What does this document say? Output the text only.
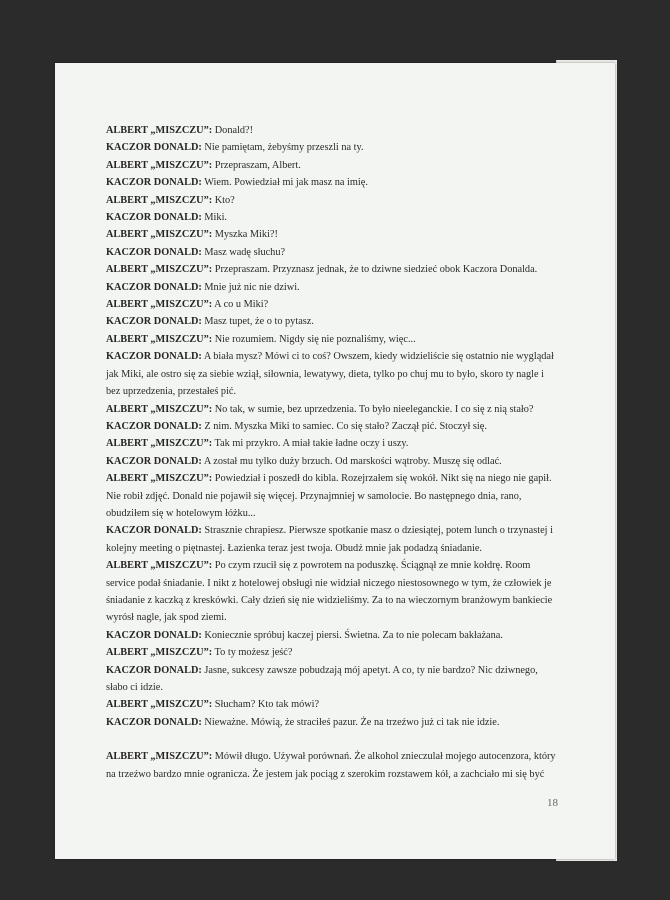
ALBERT „MISZCZU”: Donald?!

KACZOR DONALD: Nie pamiętam, żebyśmy przeszli na ty.

ALBERT „MISZCZU”: Przepraszam, Albert.

KACZOR DONALD: Wiem. Powiedział mi jak masz na imię.

ALBERT „MISZCZU”: Kto?

KACZOR DONALD: Miki.

ALBERT „MISZCZU”: Myszka Miki?!

KACZOR DONALD: Masz wadę słuchu?

ALBERT „MISZCZU”: Przepraszam. Przyznasz jednak, że to dziwne siedzieć obok Kaczora Donalda.

KACZOR DONALD: Mnie już nic nie dziwi.

ALBERT „MISZCZU”: A co u Miki?

KACZOR DONALD: Masz tupet, że o to pytasz.

ALBERT „MISZCZU”: Nie rozumiem. Nigdy się nie poznaliśmy, więc...

KACZOR DONALD: A biała mysz? Mówi ci to coś? Owszem, kiedy widzieliście się ostatnio nie wyglądał jak Miki, ale ostro się za siebie wziął, siłownia, lewatywy, dieta, tylko po chuj mu to było, skoro ty nagle i bez uprzedzenia, przestałeś pić.

ALBERT „MISZCZU”: No tak, w sumie, bez uprzedzenia. To było nieeleganckie. I co się z nią stało?

KACZOR DONALD: Z nim. Myszka Miki to samiec. Co się stało? Zaczął pić. Stoczył się.

ALBERT „MISZCZU”: Tak mi przykro. A miał takie ładne oczy i uszy.

KACZOR DONALD: A został mu tylko duży brzuch. Od marskości wątroby. Muszę się odlać.

ALBERT „MISZCZU”: Powiedział i poszedł do kibla. Rozejrzałem się wokół. Nikt się na niego nie gapił. Nie robił zdjęć. Donald nie pojawił się więcej. Przynajmniej w samolocie. Bo następnego dnia, rano, obudziłem się w hotelowym łóżku...

KACZOR DONALD: Strasznie chrapiesz. Pierwsze spotkanie masz o dziesiątej, potem lunch o trzynastej i kolejny meeting o piętnastej. Łazienka teraz jest twoja. Obudź mnie jak podadzą śniadanie.

ALBERT „MISZCZU”: Po czym rzucił się z powrotem na poduszkę. Ściągnął ze mnie kołdrę. Room service podał śniadanie. I nikt z hotelowej obsługi nie widział niczego niestosownego w tym, że człowiek je śniadanie z kaczką z kreskówki. Cały dzień się nie widzieliśmy. Za to na wieczornym branżowym bankiecie wyrósł nagle, jak spod ziemi.

KACZOR DONALD: Koniecznie spróbuj kaczej piersi. Świetna. Za to nie polecam bakłażana.

ALBERT „MISZCZU”: To ty możesz jeść?

KACZOR DONALD: Jasne, sukcesy zawsze pobudzają mój apetyt. A co, ty nie bardzo? Nic dziwnego, słabo ci idzie.

ALBERT „MISZCZU”: Słucham? Kto tak mówi?

KACZOR DONALD: Nieważne. Mówią, że straciłeś pazur. Że na trzeźwo już ci tak nie idzie.

ALBERT „MISZCZU”: Mówił długo. Używał porównań. Że alkohol znieczulał mojego autocenzora, który na trzeźwo bardzo mnie ogranicza. Że jestem jak pociąg z szerokim rozstawem kół, a zachciało mi się być

18
